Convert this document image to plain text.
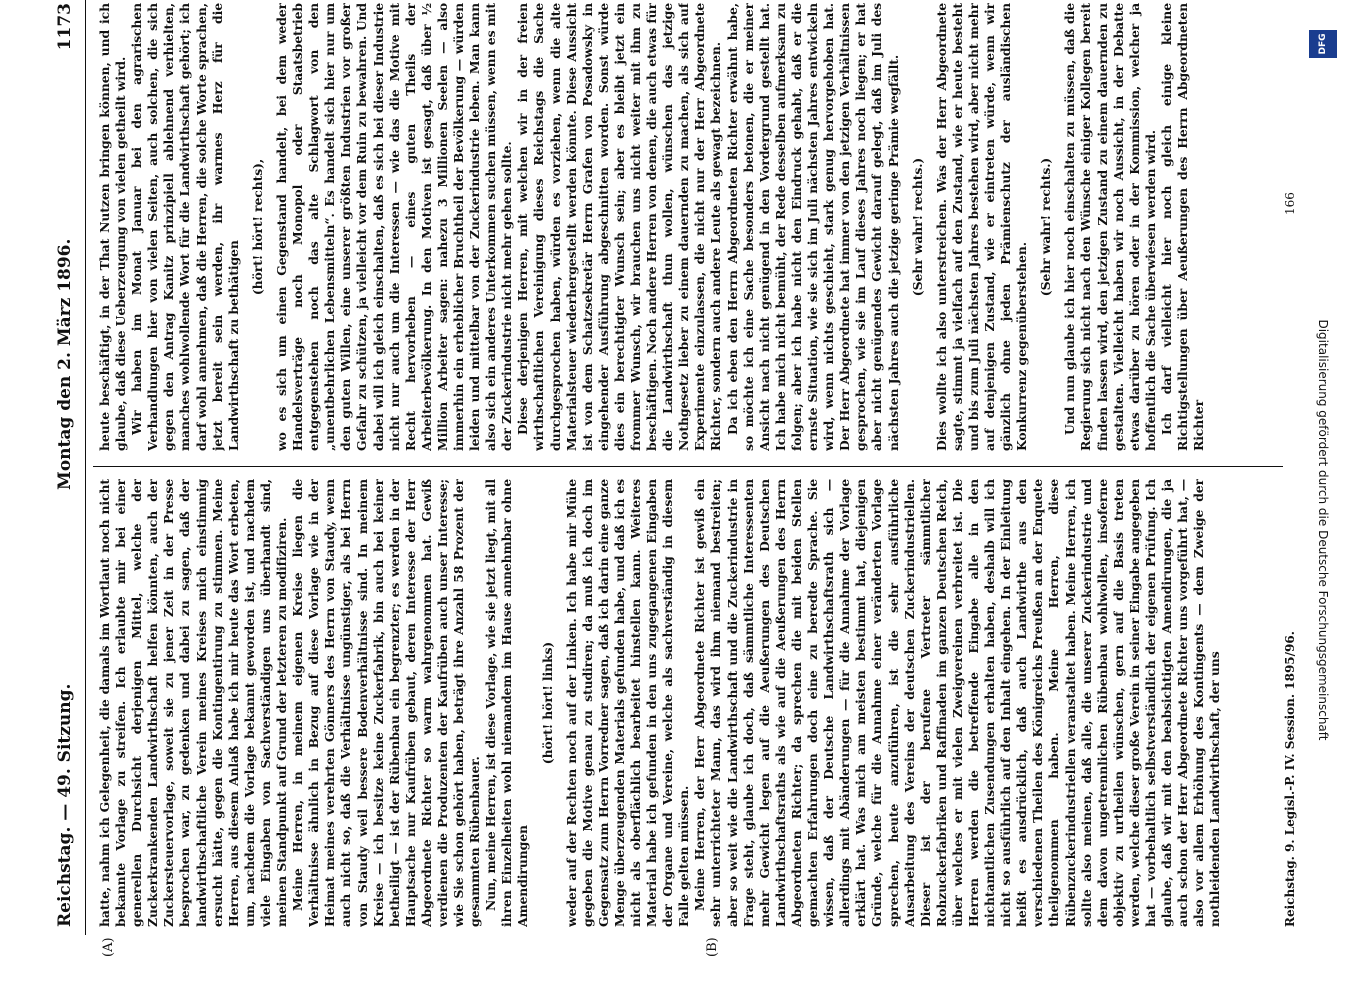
Reichstag. — 49. Sitzung.
Montag den 2. März 1896.
1173
(A)	(B)

hatte, nahm ich Gelegenheit, die damals im Wortlaut noch nicht bekannte Vorlage zu streifen. Ich erlaubte mir bei einer generellen Durchsicht derjenigen Mittel, welche der Zuckerkrankenden Landwirthschaft helfen könnten, auch der Zuckersteuervorlage, soweit sie zu jener Zeit in der Presse besprochen war, zu gedenken und dabei zu sagen, daß der landwirthschaftliche Verein meines Kreises mich einstimmig ersucht hätte, gegen die Kontingentirung zu stimmen. Meine Herren, aus diesem Anlaß habe ich mir heute das Wort erbeten, um, nachdem die Vorlage bekannt geworden ist, und nachdem viele Eingaben von Sachverständigen uns überhandt sind, meinen Standpunkt auf Grund der letzteren zu modifiziren. Meine Herren, in meinem eigenen Kreise liegen die Verhältnisse ähnlich in Bezug auf diese Vorlage wie in der Heimat meines verehrten Gönners des Herrn von Staudy, wenn auch nicht so, daß die Verhältnisse ungünstiger, als bei Herrn von Staudy weil bessere Bodenverhältnisse sind. In meinem Kreise — ich besitze keine Zuckerfabrik, bin auch bei keiner betheiligt — ist der Rübenbau ein begrenzter; es werden in der Hauptsache nur Kaufrüben gebaut, deren Interesse der Herr Abgeordnete Richter so warm wahrgenommen hat. Gewiß verdienen die Produzenten der Kaufrüben auch unser Interesse; wie Sie schon gehört haben, beträgt ihre Anzahl 58 Prozent der gesammten Rübenbauer. Nun, meine Herren, ist diese Vorlage, wie sie jetzt liegt, mit all ihren Einzelheiten wohl niemandem im Hause annehmbar ohne Amendirungen

(hört! hört! links) weder auf der Rechten noch auf der Linken. Ich habe mir Mühe gegeben die Motive genau zu studiren; da muß ich doch im Gegensatz zum Herrn Vorredner sagen, daß ich darin eine ganze Menge überzeugenden Materials gefunden habe, und daß ich es nicht als oberflächlich bearbeitet hinstellen kann. Weiteres Material habe ich gefunden in den uns zugegangenen Eingaben der Organe und Vereine, welche als sachverständig in diesem Falle gelten müssen. Meine Herren, der Herr Abgeordnete Richter ist gewiß ein sehr unterrichteter Mann, das wird ihm niemand bestreiten; aber so weit wie die Landwirthschaft und die Zuckerindustrie in Frage steht, glaube ich doch, daß sämmtliche Interessenten mehr Gewicht legen auf die Aeußerungen des Deutschen Landwirthschaftsraths als wie auf die Aeußerungen des Herrn Abgeordneten Richter; da sprechen die mit beiden Stellen gemachten Erfahrungen doch eine zu beredte Sprache. Sie wissen, daß der Deutsche Landwirthschaftsrath sich — allerdings mit Abänderungen — für die Annahme der Vorlage erklärt hat. Was mich am meisten bestimmt hat, diejenigen Gründe, welche für die Annahme einer veränderten Vorlage sprechen, heute anzuführen, ist die sehr ausführliche Ausarbeitung des Vereins der deutschen Zuckerindustriellen. Dieser ist der berufene Vertreter sämmtlicher Rohzuckerfabriken und Raffinaden im ganzen Deutschen Reich, über welches er mit vielen Zweigvereinen verbreitet ist. Die Herren werden die betreffende Eingabe alle in den nichtamtlichen Zusendungen erhalten haben, deshalb will ich nicht so ausführlich auf den Inhalt eingehen. In der Einleitung heißt es ausdrücklich, daß auch Landwirthe aus den verschiedenen Theilen des Königreichs Preußen an der Enquete theilgenommen haben. Meine Herren, diese Rübenzuckerindustriellen veranstaltet haben. Meine Herren, ich sollte also meinen, daß alle, die unserer Zuckerindustrie und dem davon ungetrennlichen Rübenbau wohlwollen, insoferne objektiv zu urtheilen wünschen, gern auf die Basis treten werden, welche dieser große Verein in seiner Eingabe angegeben hat — vorbehaltlich selbstverständlich der eigenen Prüfung. Ich glaube, daß wir mit den beabsichtigten Amendirungen, die ja auch schon der Herr Abgeordnete Richter uns vorgeführt hat, — also vor allem Erhöhung des Kontingents — dem Zweige der nothleidenden Landwirthschaft, der uns

heute beschäftigt, in der That Nutzen bringen können, und ich glaube, daß diese Ueberzeugung von vielen getheilt wird. Wir haben im Monat Januar bei den agrarischen Verhandlungen hier von vielen Seiten, auch solchen, die sich gegen den Antrag Kanitz prinzipiell ablehnend verhielten, manches wohlwollende Wort für die Landwirthschaft gehört; ich darf wohl annehmen, daß die Herren, die solche Worte sprachen, jetzt bereit sein werden, ihr warmes Herz für die Landwirthschaft zu bethätigen

(hört! hört! rechts), wo es sich um einen Gegenstand handelt, bei dem weder Handelsverträge noch Monopol oder Staatsbetrieb entgegenstehen noch das alte Schlagwort von den „unentbehrlichen Lebensmitteln“. Es handelt sich hier nur um den guten Willen, eine unserer größten Industrien vor großer Gefahr zu schützen, ja vielleicht vor dem Ruin zu bewahren. Und dabei will ich gleich einschalten, daß es sich bei dieser Industrie nicht nur auch um die Interessen — wie das die Motive mit Recht hervorheben — eines guten Theils der Arbeiterbevölkerung. In den Motiven ist gesagt, daß über ½ Million Arbeiter sagen: nahezu 3 Millionen Seelen — also immerhin ein erheblicher Bruchtheil der Bevölkerung — würden leiden und mittelbar von der Zuckerindustrie leben. Man kann also sich ein anderes Unterkommen suchen müssen, wenn es mit der Zuckerindustrie nicht mehr gehen sollte. Diese derjenigen Herren, mit welchen wir in der freien wirthschaftlichen Vereinigung dieses Reichstags die Sache durchgesprochen haben, würden es vorziehen, wenn die alte Materialsteuer wiederhergestellt werden könnte. Diese Aussicht ist von dem Schatzsekretär Herrn Grafen von Posadowsky in eingehender Ausführung abgeschnitten worden. Sonst würde dies ein berechtigter Wunsch sein; aber es bleibt jetzt ein frommer Wunsch, wir brauchen uns nicht weiter mit ihm zu beschäftigen. Noch andere Herren von denen, die auch etwas für die Landwirthschaft thun wollen, wünschen das jetzige Nothgesetz lieber zu einem dauernden zu machen, als sich auf Experimente einzulassen, die nicht nur der Herr Abgeordnete Richter, sondern auch andere Leute als gewagt bezeichnen. Da ich eben den Herrn Abgeordneten Richter erwähnt habe, so möchte ich eine Sache besonders betonen, die er meiner Ansicht nach nicht genügend in den Vordergrund gestellt hat. Ich habe mich nicht bemüht, der Rede desselben aufmerksam zu folgen; aber ich habe nicht den Eindruck gehabt, daß er die ernste Situation, wie sie sich im Juli nächsten Jahres entwickeln wird, wenn nichts geschieht, stark genug hervorgehoben hat. Der Herr Abgeordnete hat immer von den jetzigen Verhältnissen gesprochen, wie sie im Lauf dieses Jahres noch liegen; er hat aber nicht genügendes Gewicht darauf gelegt, daß im Juli des nächsten Jahres auch die jetzige geringe Prämie wegfällt. (Sehr wahr! rechts.) Dies wollte ich also unterstreichen. Was der Herr Abgeordnete sagte, stimmt ja vielfach auf den Zustand, wie er heute besteht und bis zum Juli nächsten Jahres bestehen wird, aber nicht mehr auf denjenigen Zustand, wie er eintreten würde, wenn wir gänzlich ohne jeden Prämienschutz der ausländischen Konkurrenz gegenüberstehen.

(Sehr wahr! rechts.) Und nun glaube ich hier noch einschalten zu müssen, daß die Regierung sich nicht nach den Wünsche einiger Kollegen bereit finden lassen wird, den jetzigen Zustand zu einem dauernden zu gestalten. Vielleicht haben wir noch Aussicht, in der Debatte etwas darüber zu hören oder in der Kommission, welcher ja hoffentlich die Sache überwiesen werden wird. Ich darf vielleicht hier noch gleich einige kleine Richtigstellungen über Aeußerungen des Herrn Abgeordneten Richter

Reichstag. 9. Legisl.-P. IV. Session. 1895/96.
166
DFG
Digitalisierung gefördert durch die Deutsche Forschungsgemeinschaft
